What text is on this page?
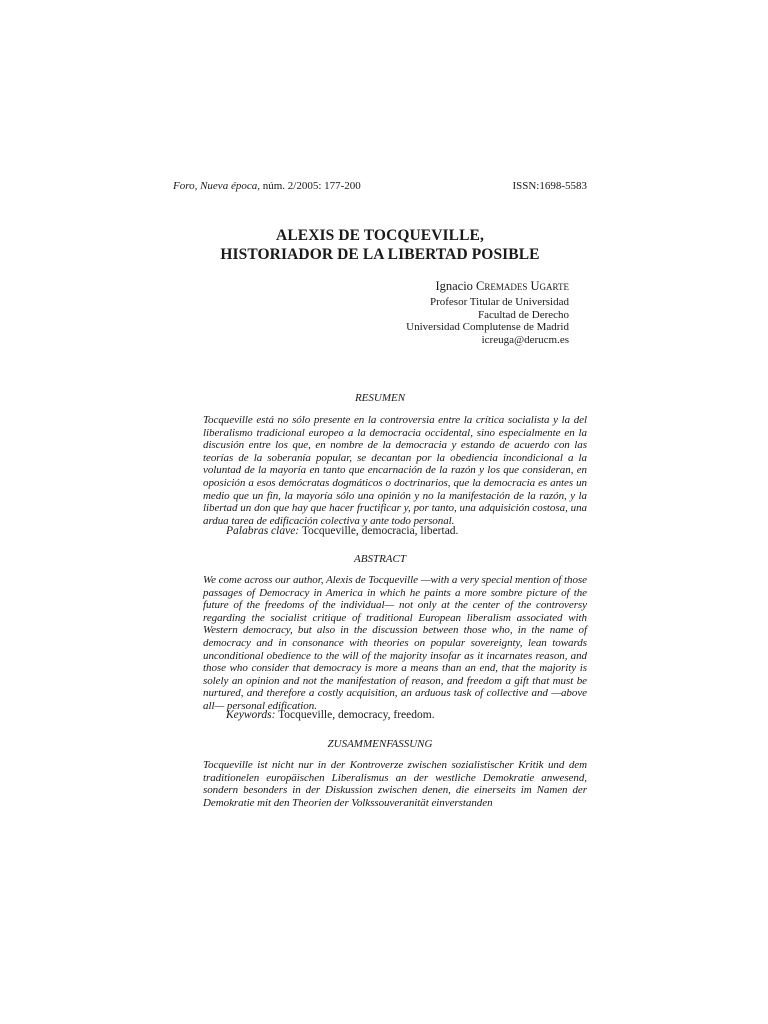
Foro, Nueva época, núm. 2/2005: 177-200	ISSN:1698-5583
ALEXIS DE TOCQUEVILLE,
HISTORIADOR DE LA LIBERTAD POSIBLE
Ignacio Cremades Ugarte
Profesor Titular de Universidad
Facultad de Derecho
Universidad Complutense de Madrid
icreuga@derucm.es
RESUMEN
Tocqueville está no sólo presente en la controversia entre la crítica socialista y la del liberalismo tradicional europeo a la democracia occidental, sino especialmente en la discusión entre los que, en nombre de la democracia y estando de acuerdo con las teorías de la soberanía popular, se decantan por la obediencia incondicional a la voluntad de la mayoría en tanto que encarnación de la razón y los que consideran, en oposición a esos demócratas dogmáticos o doctrinarios, que la democracia es antes un medio que un fin, la mayoría sólo una opinión y no la manifestación de la razón, y la libertad un don que hay que hacer fructificar y, por tanto, una adquisición costosa, una ardua tarea de edificación colectiva y ante todo personal.
Palabras clave: Tocqueville, democracia, libertad.
ABSTRACT
We come across our author, Alexis de Tocqueville —with a very special mention of those passages of Democracy in America in which he paints a more sombre picture of the future of the freedoms of the individual— not only at the center of the controversy regarding the socialist critique of traditional European liberalism associated with Western democracy, but also in the discussion between those who, in the name of democracy and in consonance with theories on popular sovereignty, lean towards unconditional obedience to the will of the majority insofar as it incarnates reason, and those who consider that democracy is more a means than an end, that the majority is solely an opinion and not the manifestation of reason, and freedom a gift that must be nurtured, and therefore a costly acquisition, an arduous task of collective and —above all— personal edification.
Keywords: Tocqueville, democracy, freedom.
ZUSAMMENFASSUNG
Tocqueville ist nicht nur in der Kontroverze zwischen sozialistischer Kritik und dem traditionelen europäischen Liberalismus an der westliche Demokratie anwesend, sondern besonders in der Diskussion zwischen denen, die einerseits im Namen der Demokratie mit den Theorien der Volkssouveranität einverstanden
